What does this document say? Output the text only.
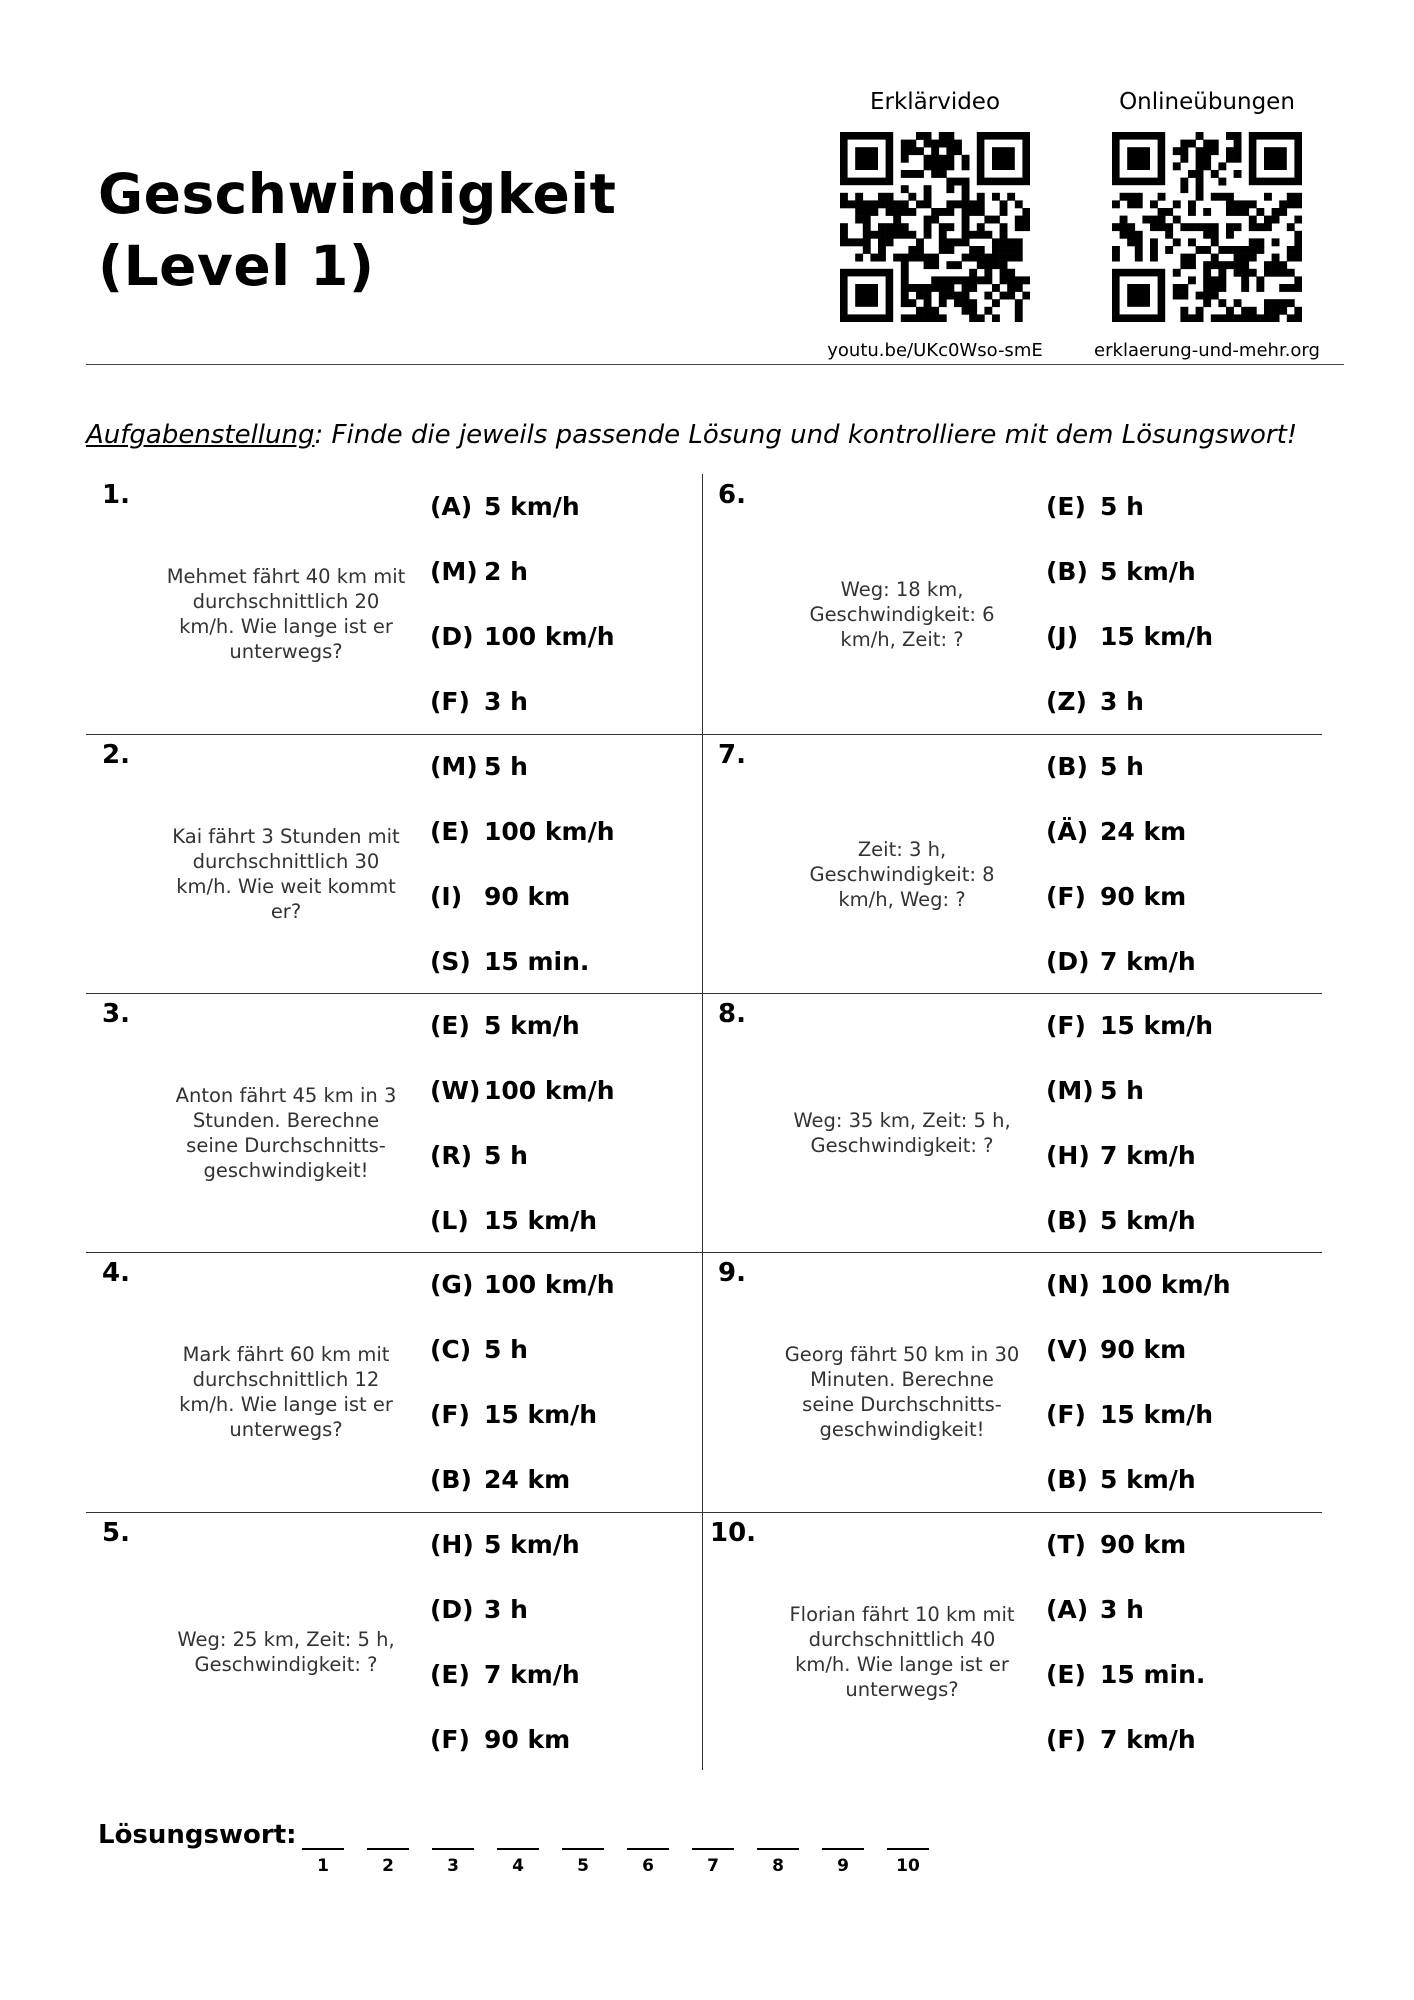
Geschwindigkeit
(Level 1)
Erklärvideo
youtu.be/UKc0Wso-smE
Onlineübungen
erklaerung-und-mehr.org
Aufgabenstellung: Finde die jeweils passende Lösung und kontrolliere mit dem Lösungswort!
1.
Mehmet fährt 40 km mit durchschnittlich 20 km/h. Wie lange ist er unterwegs?
(A) 5 km/h
(M) 2 h
(D) 100 km/h
(F) 3 h
2.
Kai fährt 3 Stunden mit durchschnittlich 30 km/h. Wie weit kommt er?
(M) 5 h
(E) 100 km/h
(I) 90 km
(S) 15 min.
3.
Anton fährt 45 km in 3 Stunden. Berechne seine Durchschnitts-geschwindigkeit!
(E) 5 km/h
(W) 100 km/h
(R) 5 h
(L) 15 km/h
4.
Mark fährt 60 km mit durchschnittlich 12 km/h. Wie lange ist er unterwegs?
(G) 100 km/h
(C) 5 h
(F) 15 km/h
(B) 24 km
5.
Weg: 25 km, Zeit: 5 h, Geschwindigkeit: ?
(H) 5 km/h
(D) 3 h
(E) 7 km/h
(F) 90 km
6.
Weg: 18 km, Geschwindigkeit: 6 km/h, Zeit: ?
(E) 5 h
(B) 5 km/h
(J) 15 km/h
(Z) 3 h
7.
Zeit: 3 h, Geschwindigkeit: 8 km/h, Weg: ?
(B) 5 h
(Ä) 24 km
(F) 90 km
(D) 7 km/h
8.
Weg: 35 km, Zeit: 5 h, Geschwindigkeit: ?
(F) 15 km/h
(M) 5 h
(H) 7 km/h
(B) 5 km/h
9.
Georg fährt 50 km in 30 Minuten. Berechne seine Durchschnitts-geschwindigkeit!
(N) 100 km/h
(V) 90 km
(F) 15 km/h
(B) 5 km/h
10.
Florian fährt 10 km mit durchschnittlich 40 km/h. Wie lange ist er unterwegs?
(T) 90 km
(A) 3 h
(E) 15 min.
(F) 7 km/h
Lösungswort:
1	2	3	4	5	6	7	8	9	10
